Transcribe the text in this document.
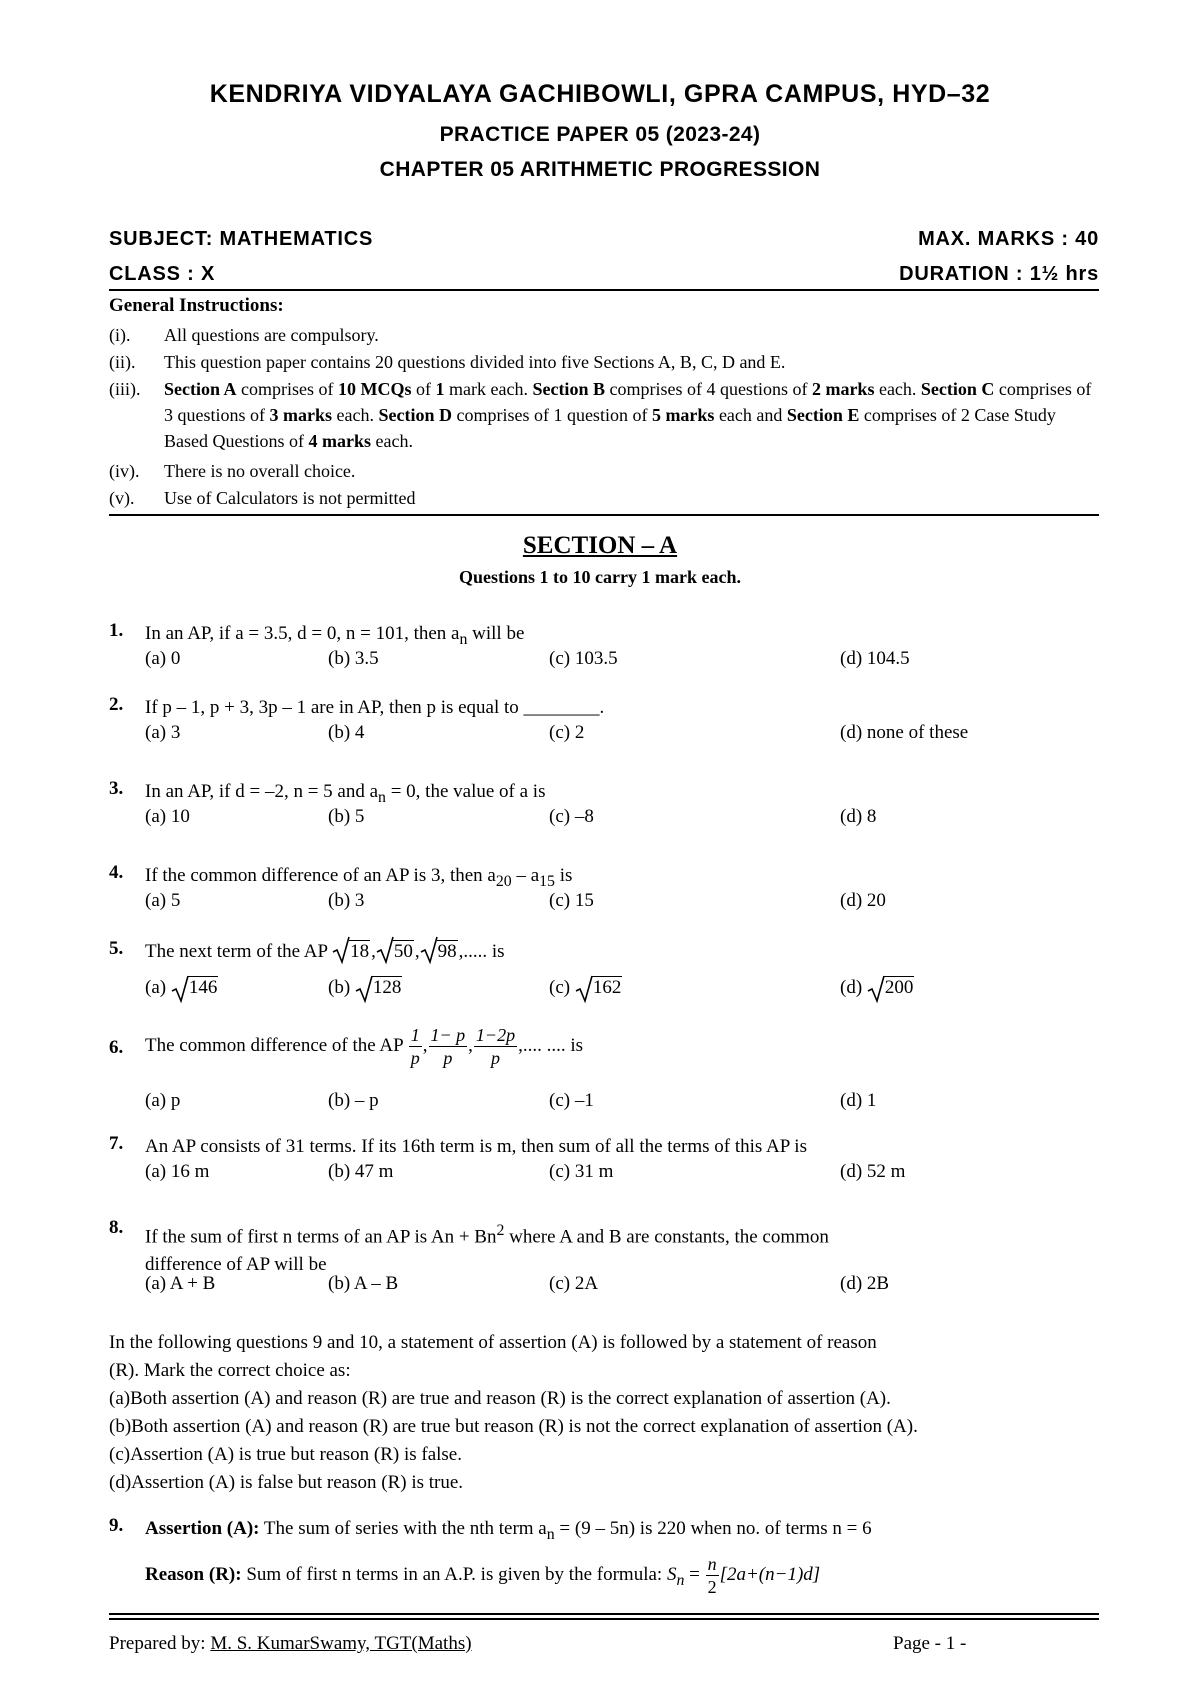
KENDRIYA VIDYALAYA GACHIBOWLI, GPRA CAMPUS, HYD–32
PRACTICE PAPER 05 (2023-24)
CHAPTER 05 ARITHMETIC PROGRESSION
SUBJECT: MATHEMATICS	MAX. MARKS : 40
CLASS : X	DURATION : 1½ hrs
General Instructions:
(i). All questions are compulsory.
(ii). This question paper contains 20 questions divided into five Sections A, B, C, D and E.
(iii). Section A comprises of 10 MCQs of 1 mark each. Section B comprises of 4 questions of 2 marks each. Section C comprises of 3 questions of 3 marks each. Section D comprises of 1 question of 5 marks each and Section E comprises of 2 Case Study Based Questions of 4 marks each.
(iv). There is no overall choice.
(v). Use of Calculators is not permitted
SECTION – A
Questions 1 to 10 carry 1 mark each.
1. In an AP, if a = 3.5, d = 0, n = 101, then $a_n$ will be
(a) 0	(b) 3.5	(c) 103.5	(d) 104.5
2. If p – 1, p + 3, 3p – 1 are in AP, then p is equal to ________.
(a) 3	(b) 4	(c) 2	(d) none of these
3. In an AP, if d = –2, n = 5 and $a_n = 0$, the value of a is
(a) 10	(b) 5	(c) –8	(d) 8
4. If the common difference of an AP is 3, then $a_{20} - a_{15}$ is
(a) 5	(b) 3	(c) 15	(d) 20
5. The next term of the AP
18 , 50 , 98 ,..... is
(a) 146	(b) 128	(c) 162	(d) 200
6. The common difference of the AP $\frac{1}{p}$ , $\frac{1- p}{p}$ , $\frac{1-2p}{p}$ ,.... .... is
(a) p	(b) – p	(c) –1	(d) 1
7. An AP consists of 31 terms. If its 16th term is m, then sum of all the terms of this AP is
(a) 16 m	(b) 47 m	(c) 31 m	(d) 52 m
8. If the sum of first n terms of an AP is $An + Bn^2$ where A and B are constants, the common
difference of AP will be
(a) A + B	(b) A – B	(c) 2A	(d) 2B
In the following questions 9 and 10, a statement of assertion (A) is followed by a statement of reason
(R). Mark the correct choice as:
(a)Both assertion (A) and reason (R) are true and reason (R) is the correct explanation of assertion (A).
(b)Both assertion (A) and reason (R) are true but reason (R) is not the correct explanation of assertion (A).
(c)Assertion (A) is true but reason (R) is false.
(d)Assertion (A) is false but reason (R) is true.
9. Assertion (A): The sum of series with the nth term $a_n = (9 - 5n)$ is 220 when no. of terms n = 6
Reason (R): Sum of first n terms in an A.P. is given by the formula: $S_n = \frac{n}{2} [2a+(n-1)d]$
Prepared by: M. S. KumarSwamy, TGT(Maths)	Page - 1 -
